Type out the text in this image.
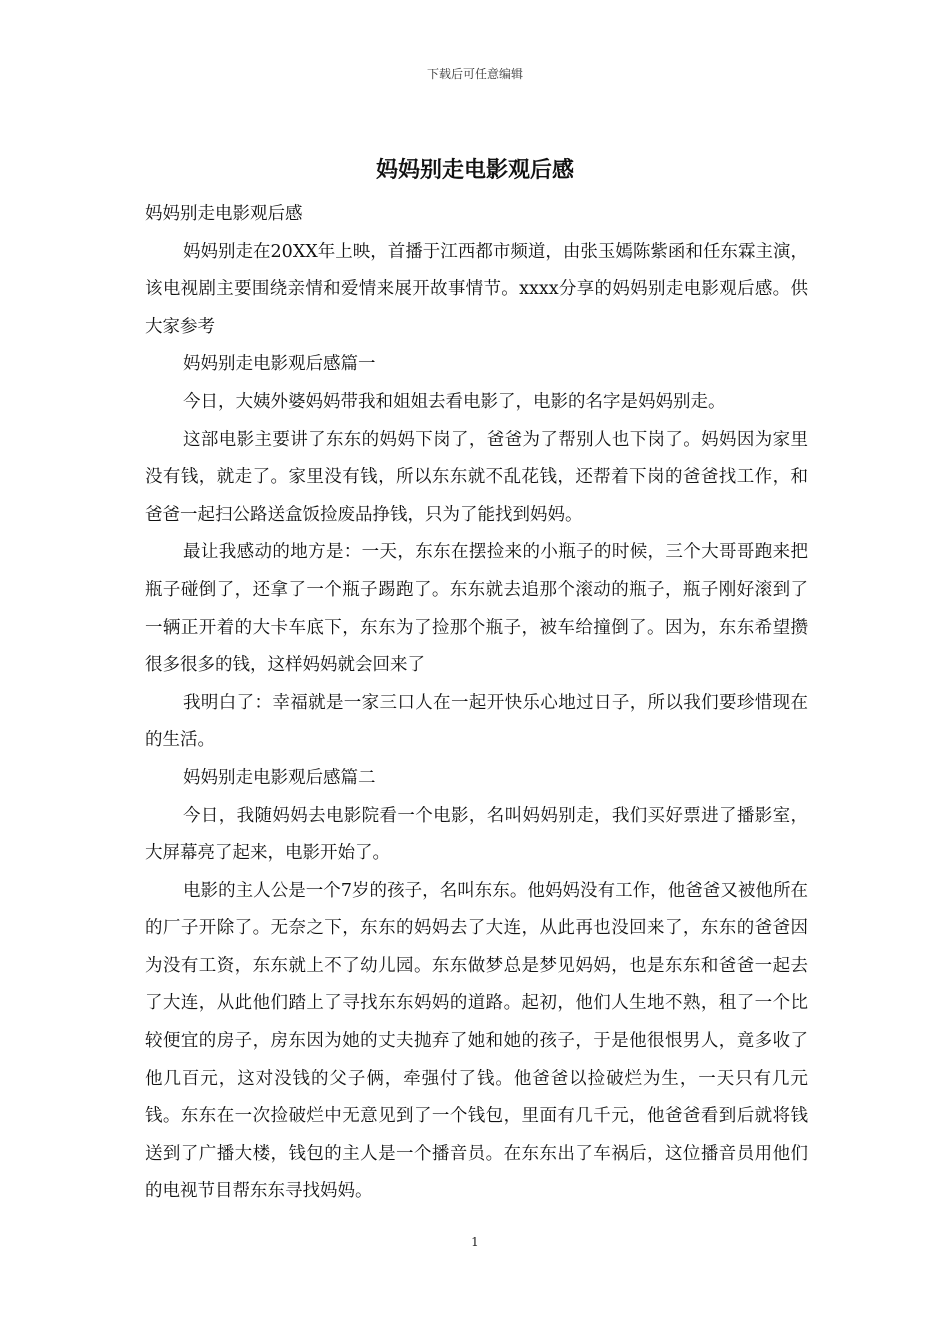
下载后可任意编辑
妈妈别走电影观后感

妈妈别走电影观后感

妈妈别走在20XX年上映，首播于江西都市频道，由张玉嫣陈紫函和任东霖主演，该电视剧主要围绕亲情和爱情来展开故事情节。xxxx分享的妈妈别走电影观后感。供大家参考

妈妈别走电影观后感篇一

今日，大姨外婆妈妈带我和姐姐去看电影了，电影的名字是妈妈别走。

这部电影主要讲了东东的妈妈下岗了，爸爸为了帮别人也下岗了。妈妈因为家里没有钱，就走了。家里没有钱，所以东东就不乱花钱，还帮着下岗的爸爸找工作，和爸爸一起扫公路送盒饭捡废品挣钱，只为了能找到妈妈。

最让我感动的地方是：一天，东东在摆捡来的小瓶子的时候，三个大哥哥跑来把瓶子碰倒了，还拿了一个瓶子踢跑了。东东就去追那个滚动的瓶子，瓶子刚好滚到了一辆正开着的大卡车底下，东东为了捡那个瓶子，被车给撞倒了。因为，东东希望攒很多很多的钱，这样妈妈就会回来了

我明白了：幸福就是一家三口人在一起开快乐心地过日子，所以我们要珍惜现在的生活。

妈妈别走电影观后感篇二

今日，我随妈妈去电影院看一个电影，名叫妈妈别走，我们买好票进了播影室，大屏幕亮了起来，电影开始了。

电影的主人公是一个7岁的孩子，名叫东东。他妈妈没有工作，他爸爸又被他所在的厂子开除了。无奈之下，东东的妈妈去了大连，从此再也没回来了，东东的爸爸因为没有工资，东东就上不了幼儿园。东东做梦总是梦见妈妈，也是东东和爸爸一起去了大连，从此他们踏上了寻找东东妈妈的道路。起初，他们人生地不熟，租了一个比较便宜的房子，房东因为她的丈夫抛弃了她和她的孩子，于是他很恨男人，竟多收了他几百元，这对没钱的父子俩，牵强付了钱。他爸爸以捡破烂为生，一天只有几元钱。东东在一次捡破烂中无意见到了一个钱包，里面有几千元，他爸爸看到后就将钱送到了广播大楼，钱包的主人是一个播音员。在东东出了车祸后，这位播音员用他们的电视节目帮东东寻找妈妈。

1
